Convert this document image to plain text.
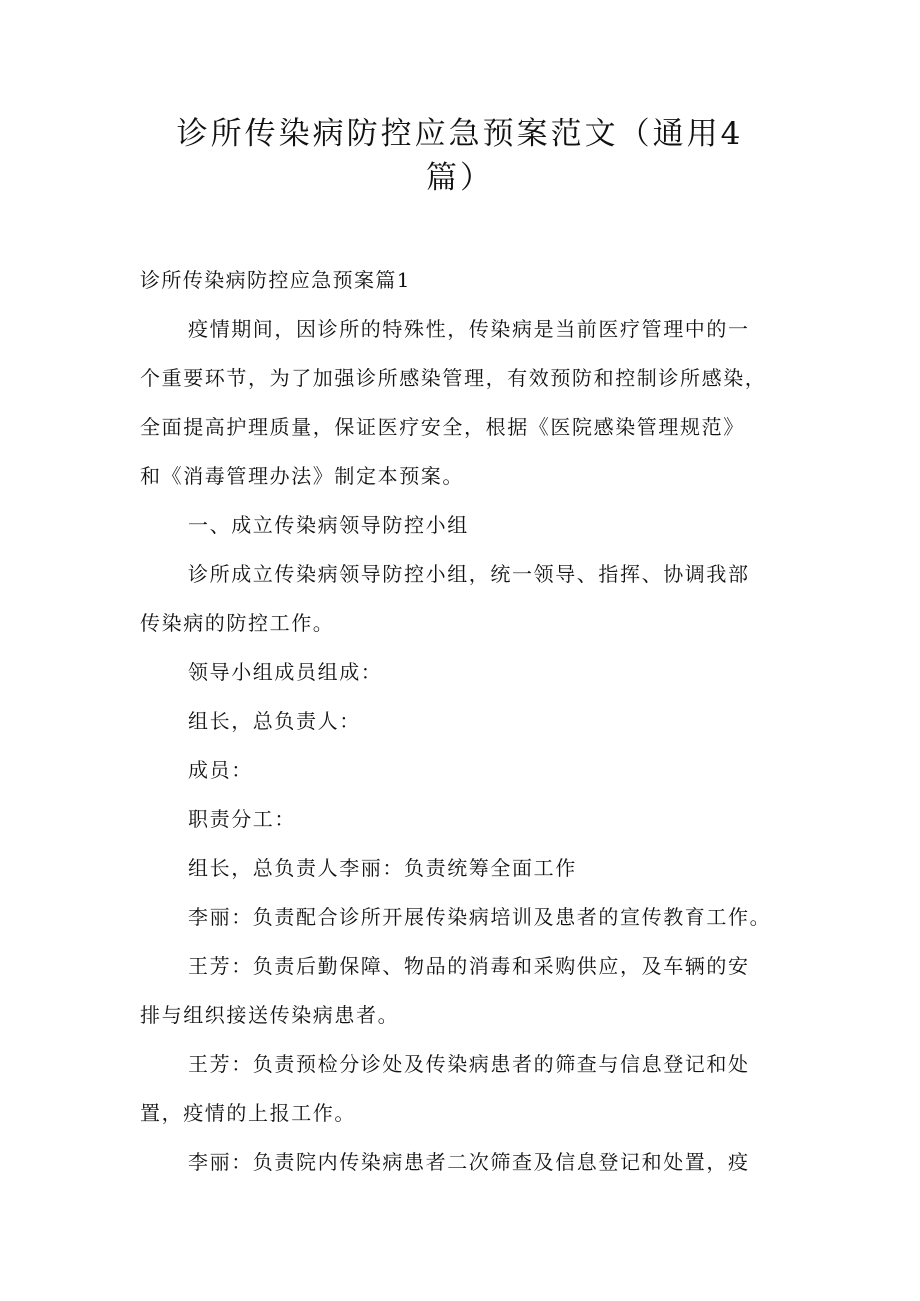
诊所传染病防控应急预案范文（通用4
篇）

诊所传染病防控应急预案篇1

疫情期间，因诊所的特殊性，传染病是当前医疗管理中的一

个重要环节，为了加强诊所感染管理，有效预防和控制诊所感染，

全面提高护理质量，保证医疗安全，根据《医院感染管理规范》

和《消毒管理办法》制定本预案。

一、成立传染病领导防控小组

诊所成立传染病领导防控小组，统一领导、指挥、协调我部

传染病的防控工作。

领导小组成员组成：

组长，总负责人：

成员：

职责分工：

组长，总负责人李丽：负责统筹全面工作

李丽：负责配合诊所开展传染病培训及患者的宣传教育工作。

王芳：负责后勤保障、物品的消毒和采购供应，及车辆的安

排与组织接送传染病患者。

王芳：负责预检分诊处及传染病患者的筛查与信息登记和处

置，疫情的上报工作。

李丽：负责院内传染病患者二次筛查及信息登记和处置，疫
